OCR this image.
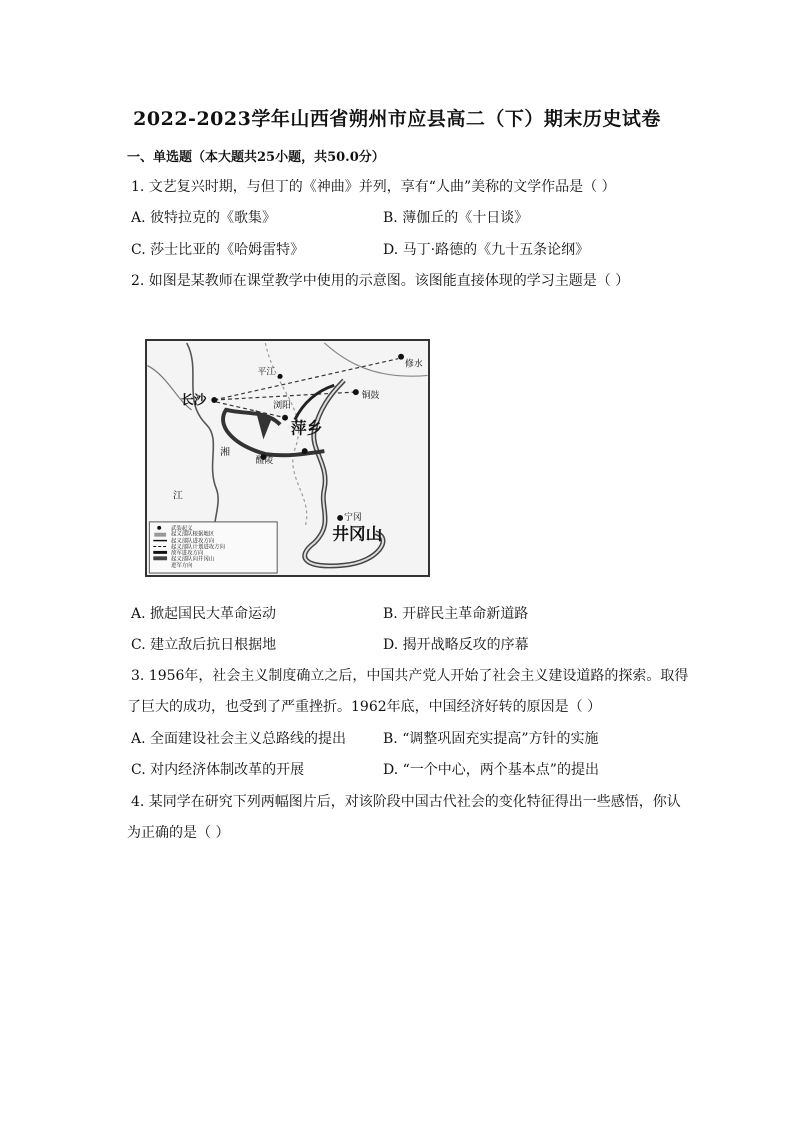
2022-2023学年山西省朔州市应县高二（下）期末历史试卷
一、单选题（本大题共25小题，共50.0分）
1. 文艺复兴时期，与但丁的《神曲》并列，享有“人曲”美称的文学作品是（ ）
A. 彼特拉克的《歌集》	B. 薄伽丘的《十日谈》
C. 莎士比亚的《哈姆雷特》	D. 马丁·路德的《九十五条论纲》
2. 如图是某教师在课堂教学中使用的示意图。该图能直接体现的学习主题是（ ）
长沙
平江
修水
铜鼓
浏阳
萍乡
醴陵
湘
江
宁冈
井冈山
武装起义
起义部队根据地区
起义部队进攻方向
起义部队计划进攻方向
敌军进攻方向
起义部队向井冈山
进军方向
A. 掀起国民大革命运动	B. 开辟民主革命新道路
C. 建立敌后抗日根据地	D. 揭开战略反攻的序幕
3. 1956年，社会主义制度确立之后，中国共产党人开始了社会主义建设道路的探索。取得
了巨大的成功，也受到了严重挫折。1962年底，中国经济好转的原因是（ ）
A. 全面建设社会主义总路线的提出	B. “调整巩固充实提高”方针的实施
C. 对内经济体制改革的开展	D. “一个中心，两个基本点”的提出
4. 某同学在研究下列两幅图片后，对该阶段中国古代社会的变化特征得出一些感悟，你认
为正确的是（ ）
